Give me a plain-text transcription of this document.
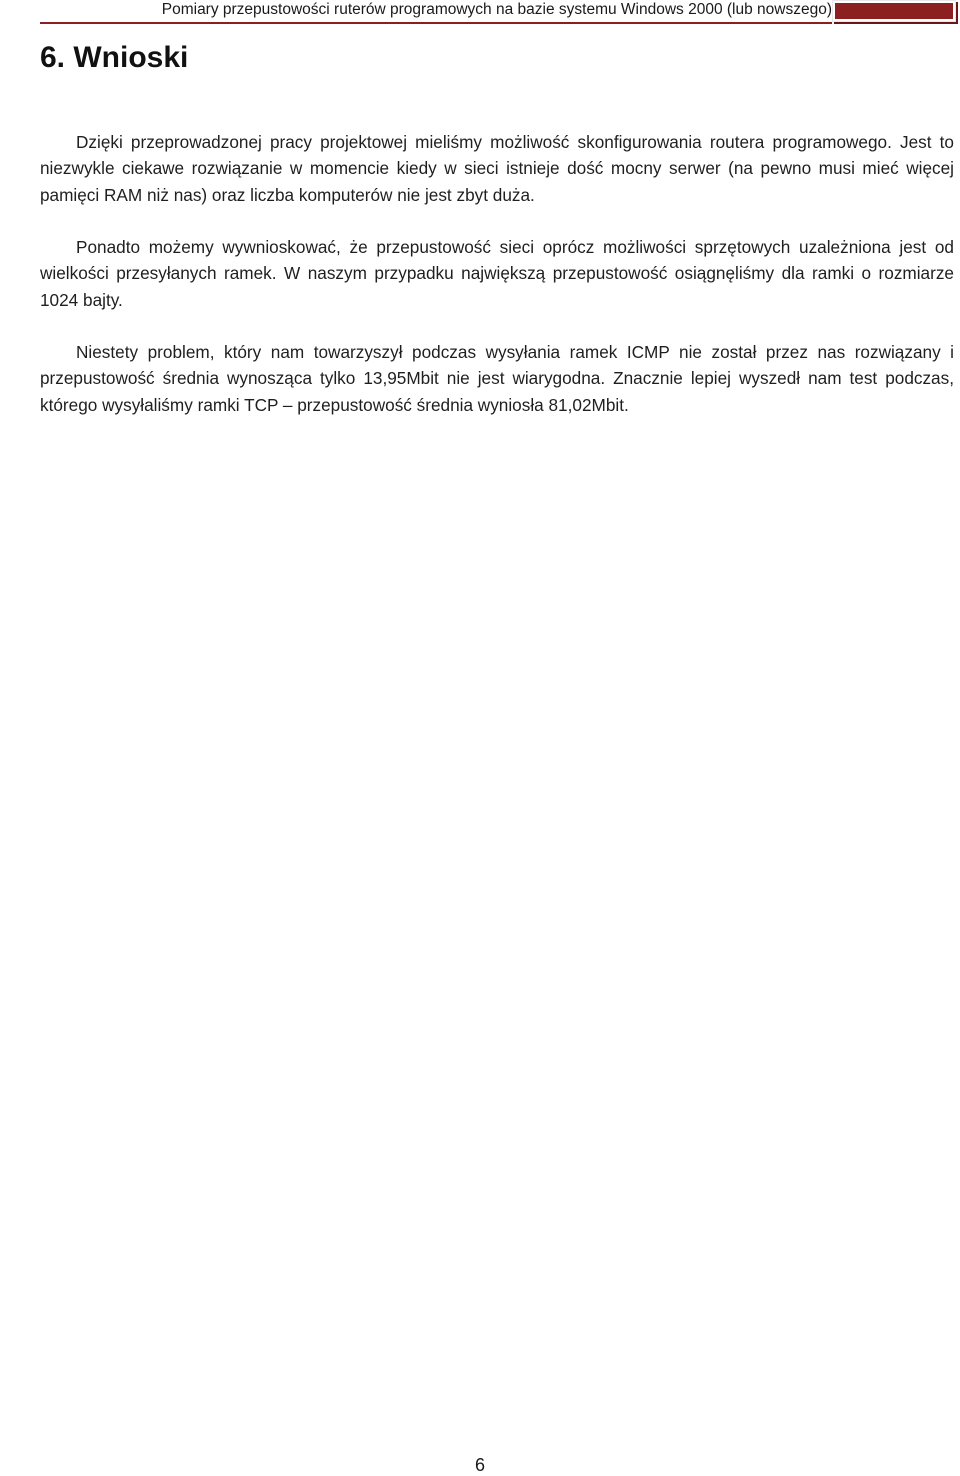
Pomiary przepustowości ruterów programowych na bazie systemu Windows 2000 (lub nowszego)
6. Wnioski

Dzięki przeprowadzonej pracy projektowej mieliśmy możliwość skonfigurowania routera programowego. Jest to niezwykle ciekawe rozwiązanie w momencie kiedy w sieci istnieje dość mocny serwer (na pewno musi mieć więcej pamięci RAM niż nas) oraz liczba komputerów nie jest zbyt duża.

Ponadto możemy wywnioskować, że przepustowość sieci oprócz możliwości sprzętowych uzależniona jest od wielkości przesyłanych ramek. W naszym przypadku największą przepustowość osiągnęliśmy dla ramki o rozmiarze 1024 bajty.

Niestety problem, który nam towarzyszył podczas wysyłania ramek ICMP nie został przez nas rozwiązany i przepustowość średnia wynosząca tylko 13,95Mbit nie jest wiarygodna. Znacznie lepiej wyszedł nam test podczas, którego wysyłaliśmy ramki TCP – przepustowość średnia wyniosła 81,02Mbit.

6
